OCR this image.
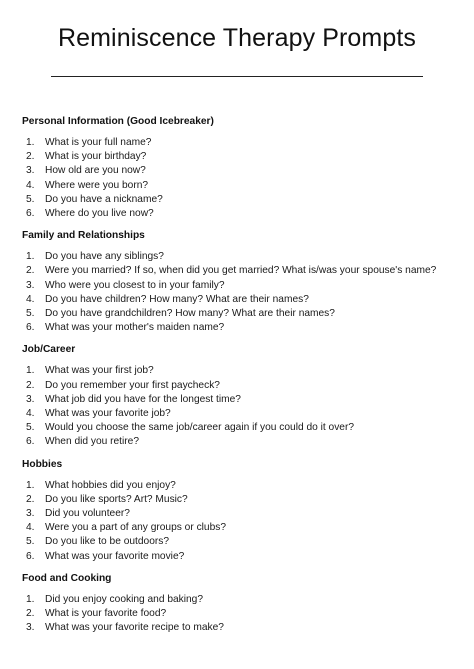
Reminiscence Therapy Prompts
Personal Information (Good Icebreaker)
1.	What is your full name?
2.	What is your birthday?
3.	How old are you now?
4.	Where were you born?
5.	Do you have a nickname?
6.	Where do you live now?
Family and Relationships
1.	Do you have any siblings?
2.	Were you married? If so, when did you get married? What is/was your spouse's name?
3.	Who were you closest to in your family?
4.	Do you have children? How many? What are their names?
5.	Do you have grandchildren? How many? What are their names?
6.	What was your mother's maiden name?
Job/Career
1.	What was your first job?
2.	Do you remember your first paycheck?
3.	What job did you have for the longest time?
4.	What was your favorite job?
5.	Would you choose the same job/career again if you could do it over?
6.	When did you retire?
Hobbies
1.	What hobbies did you enjoy?
2.	Do you like sports? Art? Music?
3.	Did you volunteer?
4.	Were you a part of any groups or clubs?
5.	Do you like to be outdoors?
6.	What was your favorite movie?
Food and Cooking
1.	Did you enjoy cooking and baking?
2.	What is your favorite food?
3.	What was your favorite recipe to make?
